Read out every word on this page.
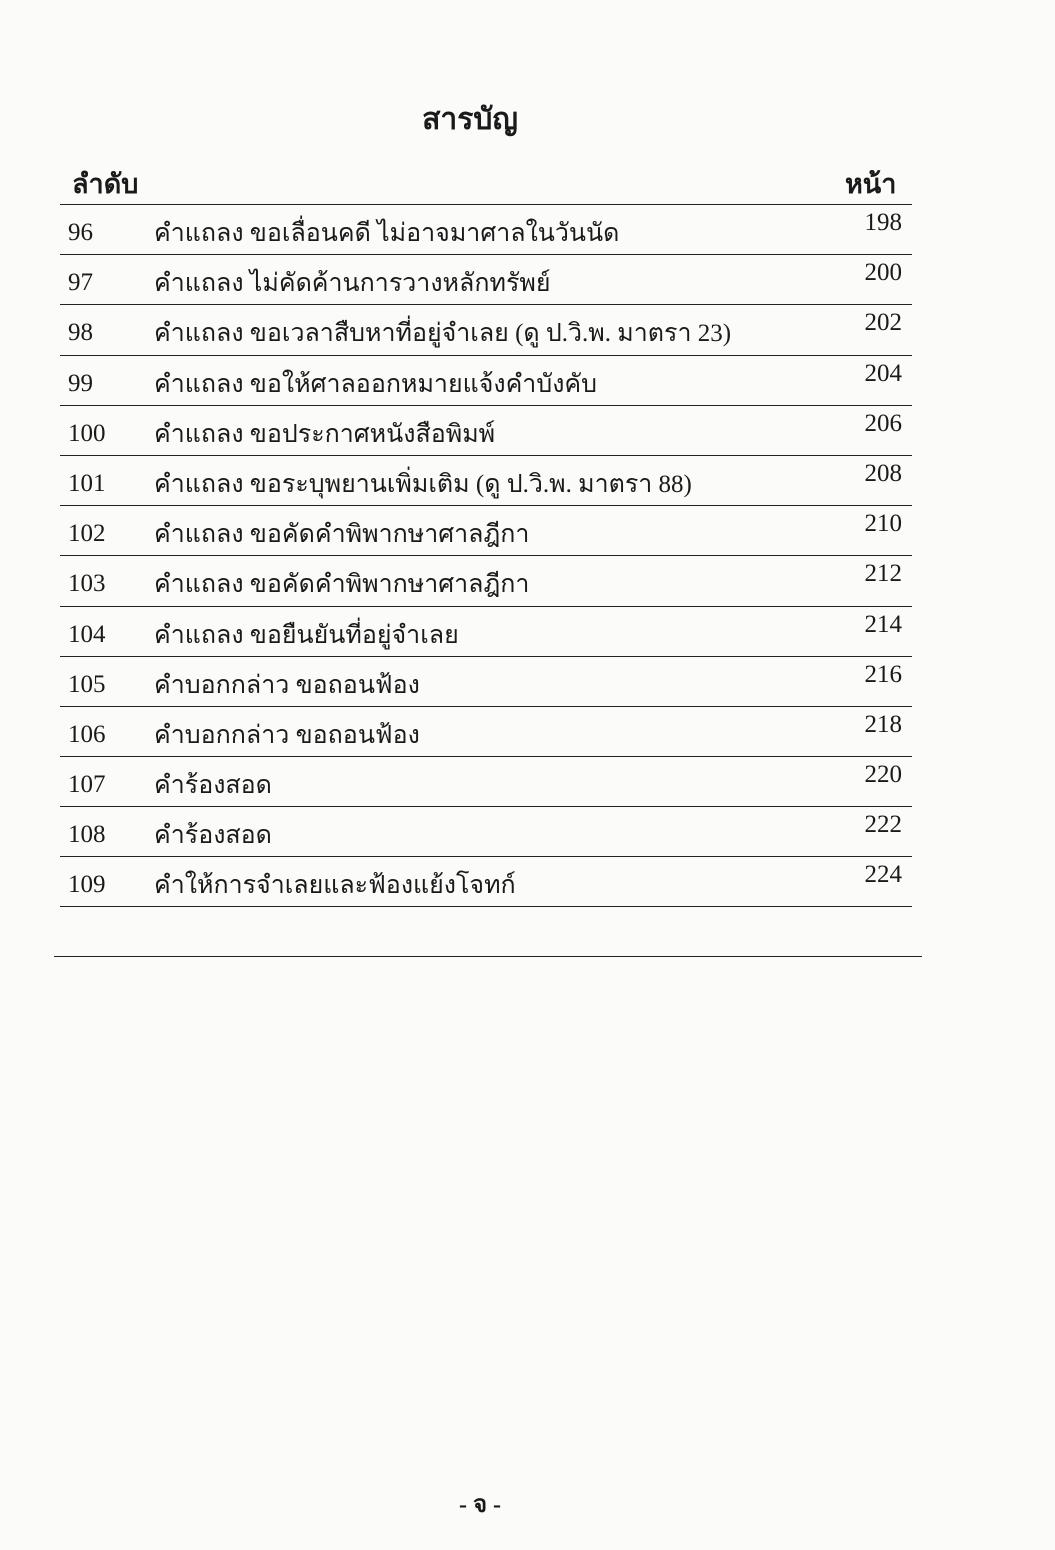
สารบัญ
ลำดับ	หน้า
96 คำแถลง ขอเลื่อนคดี ไม่อาจมาศาลในวันนัด	198
97 คำแถลง ไม่คัดค้านการวางหลักทรัพย์	200
98 คำแถลง ขอเวลาสืบหาที่อยู่จำเลย (ดู ป.วิ.พ. มาตรา 23)	202
99 คำแถลง ขอให้ศาลออกหมายแจ้งคำบังคับ	204
100 คำแถลง ขอประกาศหนังสือพิมพ์	206
101 คำแถลง ขอระบุพยานเพิ่มเติม (ดู ป.วิ.พ. มาตรา 88)	208
102 คำแถลง ขอคัดคำพิพากษาศาลฎีกา	210
103 คำแถลง ขอคัดคำพิพากษาศาลฎีกา	212
104 คำแถลง ขอยืนยันที่อยู่จำเลย	214
105 คำบอกกล่าว ขอถอนฟ้อง	216
106 คำบอกกล่าว ขอถอนฟ้อง	218
107 คำร้องสอด	220
108 คำร้องสอด	222
109 คำให้การจำเลยและฟ้องแย้งโจทก์	224
- จ -
